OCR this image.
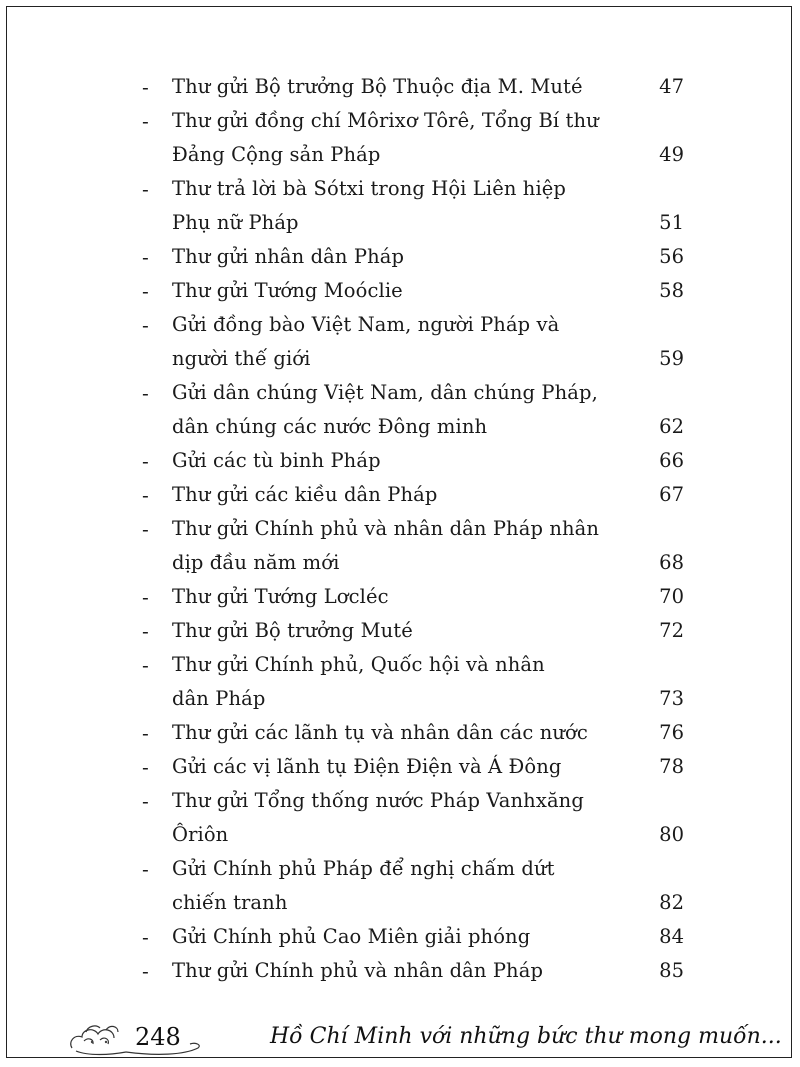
- Thư gửi Bộ trưởng Bộ Thuộc địa M. Muté	47
- Thư gửi đồng chí Môrixơ Tôrê, Tổng Bí thư
Đảng Cộng sản Pháp	49
- Thư trả lời bà Sótxi trong Hội Liên hiệp
Phụ nữ Pháp	51
- Thư gửi nhân dân Pháp	56
- Thư gửi Tướng Moóclie	58
- Gửi đồng bào Việt Nam, người Pháp và
người thế giới	59
- Gửi dân chúng Việt Nam, dân chúng Pháp,
dân chúng các nước Đông minh	62
- Gửi các tù binh Pháp	66
- Thư gửi các kiều dân Pháp	67
- Thư gửi Chính phủ và nhân dân Pháp nhân
dịp đầu năm mới	68
- Thư gửi Tướng Lơcléc	70
- Thư gửi Bộ trưởng Muté	72
- Thư gửi Chính phủ, Quốc hội và nhân
dân Pháp	73
- Thư gửi các lãnh tụ và nhân dân các nước	76
- Gửi các vị lãnh tụ Điện Điện và Á Đông	78
- Thư gửi Tổng thống nước Pháp Vanhxăng
Ôriôn	80
- Gửi Chính phủ Pháp để nghị chấm dứt
chiến tranh	82
- Gửi Chính phủ Cao Miên giải phóng	84
- Thư gửi Chính phủ và nhân dân Pháp	85
248	Hồ Chí Minh với những bức thư mong muốn...
